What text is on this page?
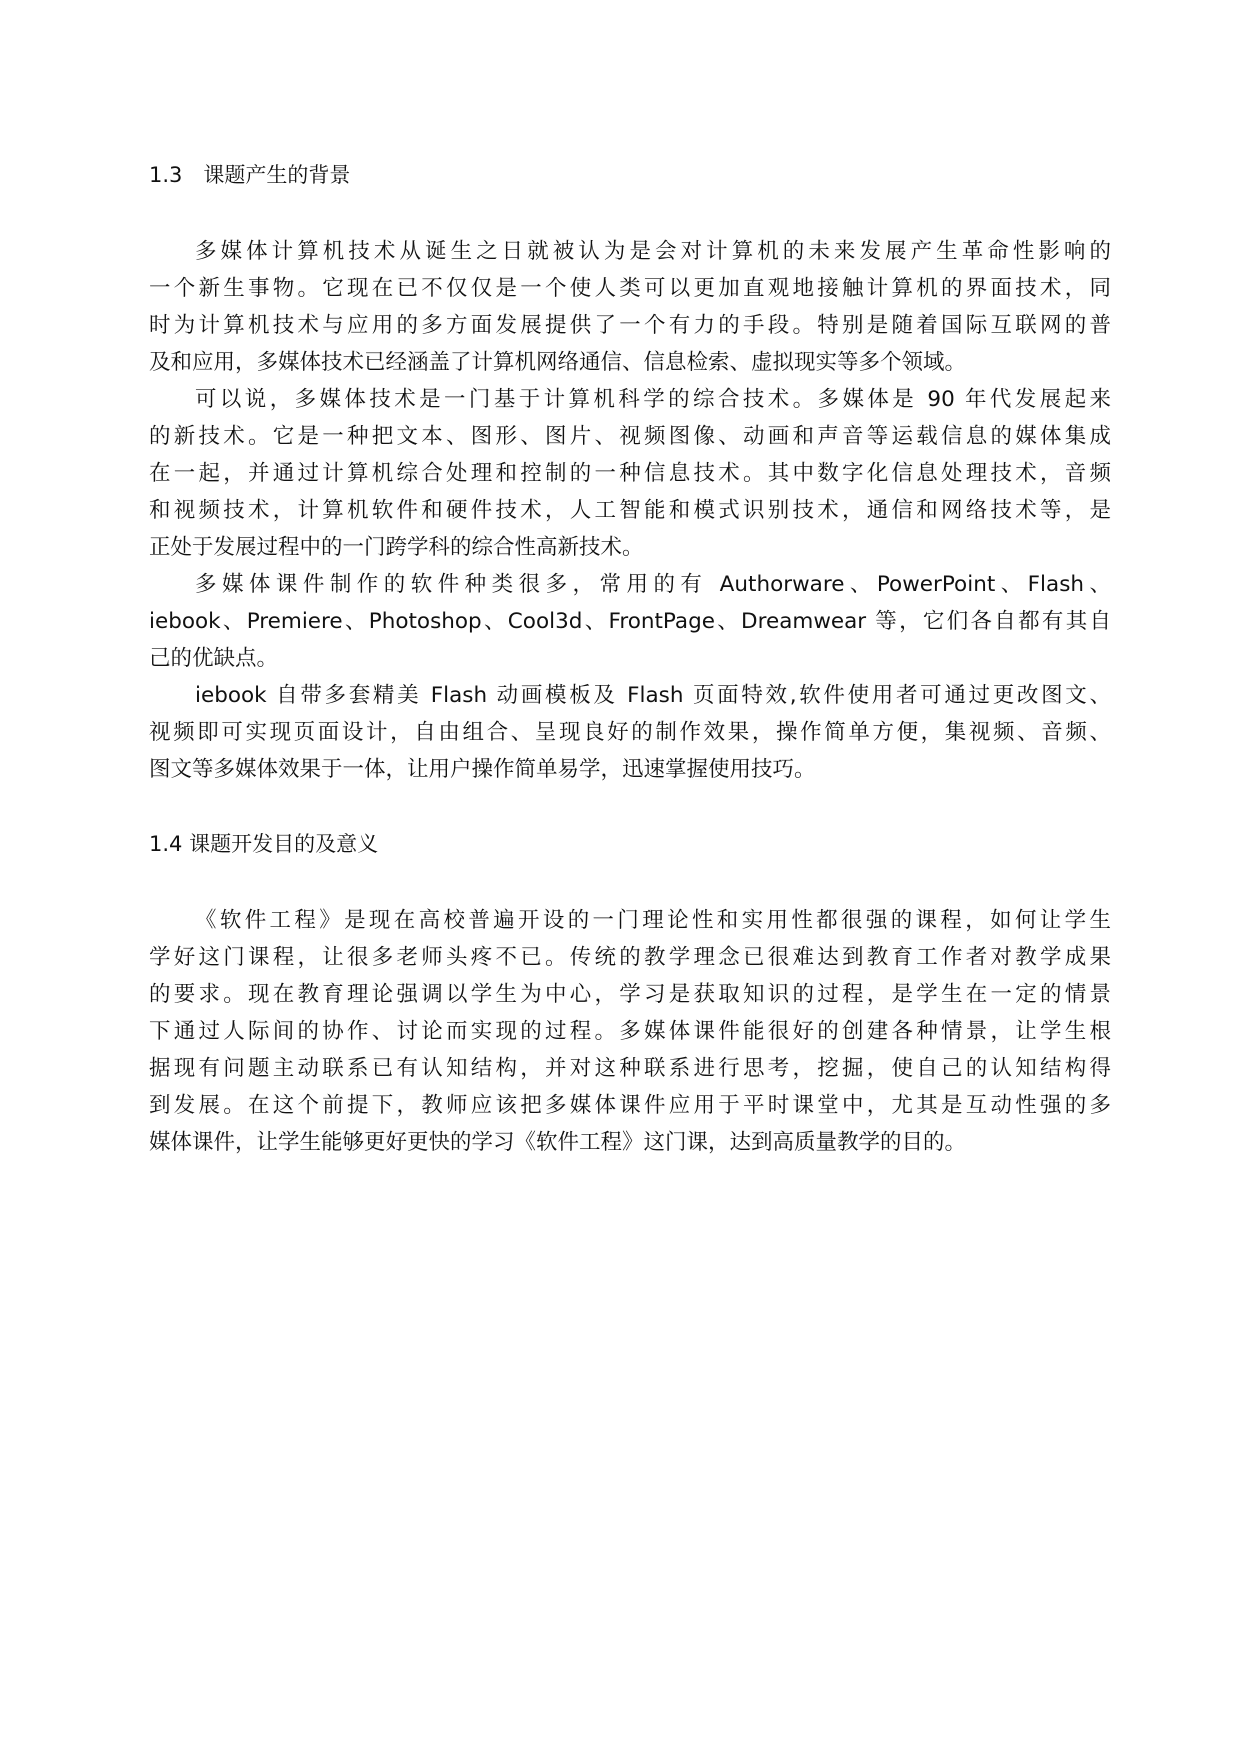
1.3　课题产生的背景
多媒体计算机技术从诞生之日就被认为是会对计算机的未来发展产生革命性影响的
一个新生事物。它现在已不仅仅是一个使人类可以更加直观地接触计算机的界面技术，同
时为计算机技术与应用的多方面发展提供了一个有力的手段。特别是随着国际互联网的普
及和应用，多媒体技术已经涵盖了计算机网络通信、信息检索、虚拟现实等多个领域。
可以说，多媒体技术是一门基于计算机科学的综合技术。多媒体是 90 年代发展起来
的新技术。它是一种把文本、图形、图片、视频图像、动画和声音等运载信息的媒体集成
在一起，并通过计算机综合处理和控制的一种信息技术。其中数字化信息处理技术，音频
和视频技术，计算机软件和硬件技术，人工智能和模式识别技术，通信和网络技术等，是
正处于发展过程中的一门跨学科的综合性高新技术。
多媒体课件制作的软件种类很多，常用的有 Authorware、PowerPoint、Flash、
iebook、Premiere、Photoshop、Cool3d、FrontPage、Dreamwear 等，它们各自都有其自
己的优缺点。
iebook 自带多套精美 Flash 动画模板及 Flash 页面特效,软件使用者可通过更改图文、
视频即可实现页面设计，自由组合、呈现良好的制作效果，操作简单方便，集视频、音频、
图文等多媒体效果于一体，让用户操作简单易学，迅速掌握使用技巧。
1.4 课题开发目的及意义
《软件工程》是现在高校普遍开设的一门理论性和实用性都很强的课程，如何让学生
学好这门课程，让很多老师头疼不已。传统的教学理念已很难达到教育工作者对教学成果
的要求。现在教育理论强调以学生为中心，学习是获取知识的过程，是学生在一定的情景
下通过人际间的协作、讨论而实现的过程。多媒体课件能很好的创建各种情景，让学生根
据现有问题主动联系已有认知结构，并对这种联系进行思考，挖掘，使自己的认知结构得
到发展。在这个前提下，教师应该把多媒体课件应用于平时课堂中，尤其是互动性强的多
媒体课件，让学生能够更好更快的学习《软件工程》这门课，达到高质量教学的目的。
